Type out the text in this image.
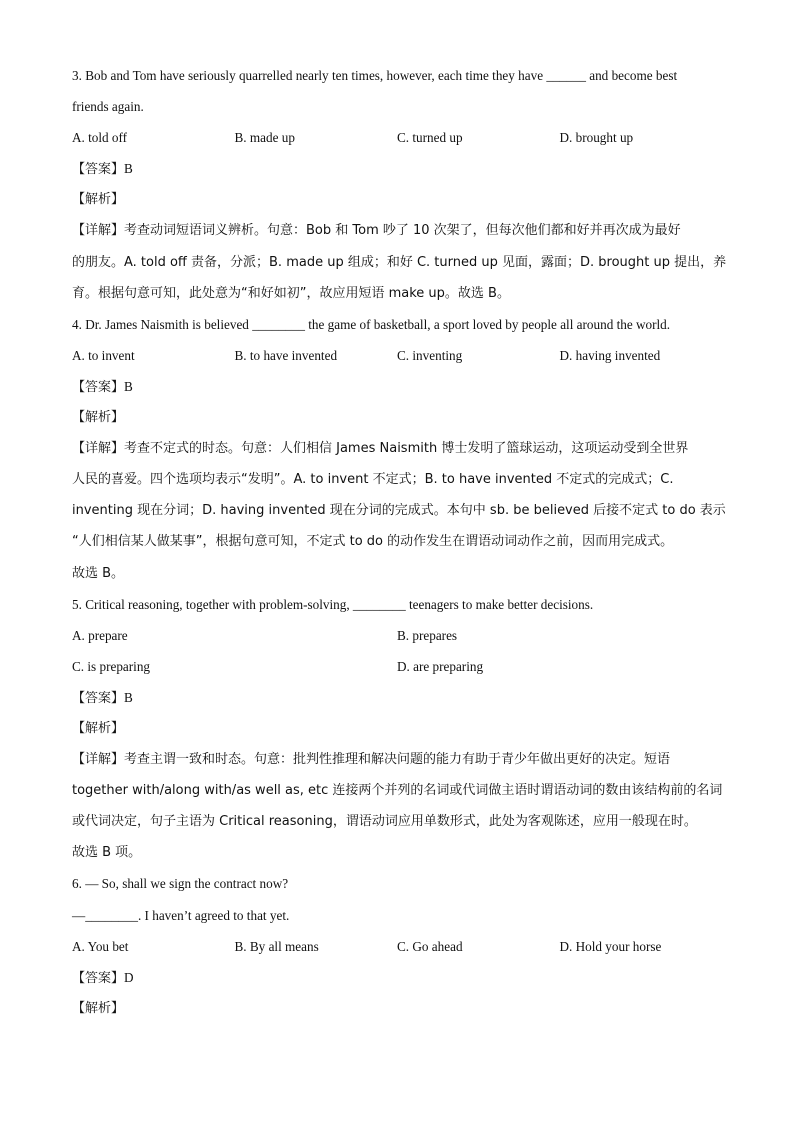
3. Bob and Tom have seriously quarrelled nearly ten times, however, each time they have ______ and become best
friends again.
A. told off	B. made up	C. turned up	D. brought up
【答案】B
【解析】
【详解】考查动词短语词义辨析。句意：Bob 和 Tom 吵了 10 次架了，但每次他们都和好并再次成为最好
的朋友。A. told off 责备，分派；B. made up 组成；和好 C. turned up 见面，露面；D. brought up 提出，养
育。根据句意可知，此处意为“和好如初”，故应用短语 make up。故选 B。
4. Dr. James Naismith is believed ________ the game of basketball, a sport loved by people all around the world.
A. to invent	B. to have invented	C. inventing	D. having invented
【答案】B
【解析】
【详解】考查不定式的时态。句意：人们相信 James Naismith 博士发明了篮球运动，这项运动受到全世界
人民的喜爱。四个选项均表示“发明”。A. to invent 不定式；B. to have invented 不定式的完成式；C.
inventing 现在分词；D. having invented 现在分词的完成式。本句中 sb. be believed 后接不定式 to do 表示
“人们相信某人做某事”，根据句意可知，不定式 to do 的动作发生在谓语动词动作之前，因而用完成式。
故选 B。
5. Critical reasoning, together with problem-solving, ________ teenagers to make better decisions.
A. prepare	B. prepares
C. is preparing	D. are preparing
【答案】B
【解析】
【详解】考查主谓一致和时态。句意：批判性推理和解决问题的能力有助于青少年做出更好的决定。短语
together with/along with/as well as, etc 连接两个并列的名词或代词做主语时谓语动词的数由该结构前的名词
或代词决定，句子主语为 Critical reasoning，谓语动词应用单数形式，此处为客观陈述，应用一般现在时。
故选 B 项。
6. — So, shall we sign the contract now?
—________. I haven’t agreed to that yet.
A. You bet	B. By all means	C. Go ahead	D. Hold your horse
【答案】D
【解析】
